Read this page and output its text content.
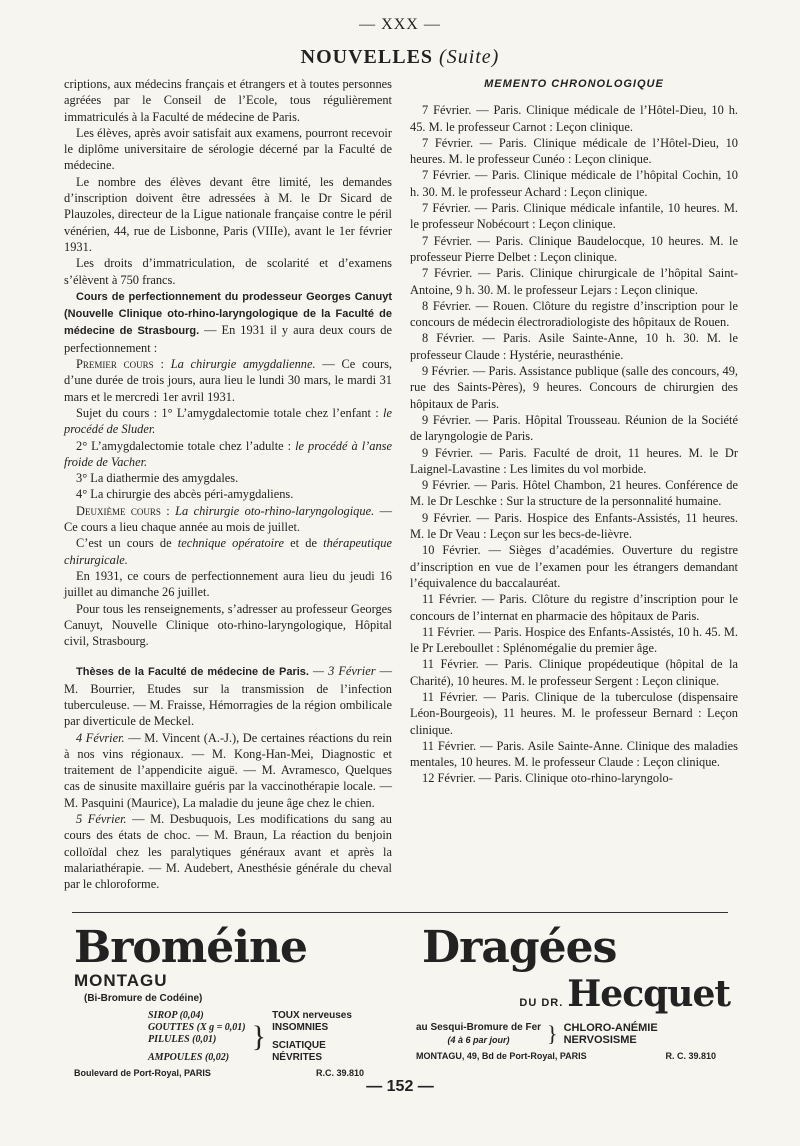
— XXX —
NOUVELLES (Suite)

criptions, aux médecins français et étrangers et à toutes personnes agréées par le Conseil de l’Ecole, tous régulièrement immatriculés à la Faculté de médecine de Paris.

Les élèves, après avoir satisfait aux examens, pourront recevoir le diplôme universitaire de sérologie décerné par la Faculté de médecine.

Le nombre des élèves devant être limité, les demandes d’inscription doivent être adressées à M. le Dr Sicard de Plauzoles, directeur de la Ligue nationale française contre le péril vénérien, 44, rue de Lisbonne, Paris (VIIIe), avant le 1er février 1931.

Les droits d’immatriculation, de scolarité et d’examens s’élèvent à 750 francs.

Cours de perfectionnement du prodesseur Georges Canuyt (Nouvelle Clinique oto-rhino-laryngologique de la Faculté de médecine de Strasbourg. — En 1931 il y aura deux cours de perfectionnement :

Premier cours : La chirurgie amygdalienne. — Ce cours, d’une durée de trois jours, aura lieu le lundi 30 mars, le mardi 31 mars et le mercredi 1er avril 1931.

Sujet du cours : 1° L’amygdalectomie totale chez l’enfant : le procédé de Sluder.

2° L’amygdalectomie totale chez l’adulte : le procédé à l’anse froide de Vacher.

3° La diathermie des amygdales.

4° La chirurgie des abcès péri-amygdaliens.

Deuxième cours : La chirurgie oto-rhino-laryngologique. — Ce cours a lieu chaque année au mois de juillet.

C’est un cours de technique opératoire et de thérapeutique chirurgicale.

En 1931, ce cours de perfectionnement aura lieu du jeudi 16 juillet au dimanche 26 juillet.

Pour tous les renseignements, s’adresser au professeur Georges Canuyt, Nouvelle Clinique oto-rhino-laryngologique, Hôpital civil, Strasbourg.

Thèses de la Faculté de médecine de Paris. — 3 Février — M. Bourrier, Etudes sur la transmission de l’infection tuberculeuse. — M. Fraisse, Hémorragies de la région ombilicale par diverticule de Meckel.

4 Février. — M. Vincent (A.-J.), De certaines réactions du rein à nos vins régionaux. — M. Kong-Han-Mei, Diagnostic et traitement de l’appendicite aiguë. — M. Avramesco, Quelques cas de sinusite maxillaire guéris par la vaccinothérapie locale. — M. Pasquini (Maurice), La maladie du jeune âge chez le chien.

5 Février. — M. Desbuquois, Les modifications du sang au cours des états de choc. — M. Braun, La réaction du benjoin colloïdal chez les paralytiques généraux avant et après la malariathérapie. — M. Audebert, Anesthésie générale du cheval par le chloroforme.

MEMENTO CHRONOLOGIQUE

7 Février. — Paris. Clinique médicale de l’Hôtel-Dieu, 10 h. 45. M. le professeur Carnot : Leçon clinique.

7 Février. — Paris. Clinique médicale de l’Hôtel-Dieu, 10 heures. M. le professeur Cunéo : Leçon clinique.

7 Février. — Paris. Clinique médicale de l’hôpital Cochin, 10 h. 30. M. le professeur Achard : Leçon clinique.

7 Février. — Paris. Clinique médicale infantile, 10 heures. M. le professeur Nobécourt : Leçon clinique.

7 Février. — Paris. Clinique Baudelocque, 10 heures. M. le professeur Pierre Delbet : Leçon clinique.

7 Février. — Paris. Clinique chirurgicale de l’hôpital Saint-Antoine, 9 h. 30. M. le professeur Lejars : Leçon clinique.

8 Février. — Rouen. Clôture du registre d’inscription pour le concours de médecin électroradiologiste des hôpitaux de Rouen.

8 Février. — Paris. Asile Sainte-Anne, 10 h. 30. M. le professeur Claude : Hystérie, neurasthénie.

9 Février. — Paris. Assistance publique (salle des concours, 49, rue des Saints-Pères), 9 heures. Concours de chirurgien des hôpitaux de Paris.

9 Février. — Paris. Hôpital Trousseau. Réunion de la Société de laryngologie de Paris.

9 Février. — Paris. Faculté de droit, 11 heures. M. le Dr Laignel-Lavastine : Les limites du vol morbide.

9 Février. — Paris. Hôtel Chambon, 21 heures. Conférence de M. le Dr Leschke : Sur la structure de la personnalité humaine.

9 Février. — Paris. Hospice des Enfants-Assistés, 11 heures. M. le Dr Veau : Leçon sur les becs-de-lièvre.

10 Février. — Sièges d’académies. Ouverture du registre d’inscription en vue de l’examen pour les étrangers demandant l’équivalence du baccalauréat.

11 Février. — Paris. Clôture du registre d’inscription pour le concours de l’internat en pharmacie des hôpitaux de Paris.

11 Février. — Paris. Hospice des Enfants-Assistés, 10 h. 45. M. le Pr Lereboullet : Splénomégalie du premier âge.

11 Février. — Paris. Clinique propédeutique (hôpital de la Charité), 10 heures. M. le professeur Sergent : Leçon clinique.

11 Février. — Paris. Clinique de la tuberculose (dispensaire Léon-Bourgeois), 11 heures. M. le professeur Bernard : Leçon clinique.

11 Février. — Paris. Asile Sainte-Anne. Clinique des maladies mentales, 10 heures. M. le professeur Claude : Leçon clinique.

12 Février. — Paris. Clinique oto-rhino-laryngolo-

Broméine MONTAGU
(Bi-Bromure de Codéine)
SIROP (0,04)
GOUTTES (X g = 0,01)
PILULES (0,01)
AMPOULES (0,02)
}
TOUX nerveuses
INSOMNIES
SCIATIQUE
NÉVRITES
Boulevard de Port-Royal, PARIS	R.C. 39.810
Dragées
DU DR. Hecquet
au Sesqui-Bromure de Fer
(4 à 6 par jour)	} CHLORO-ANÉMIE
NERVOSISME
MONTAGU, 49, Bd de Port-Royal, PARIS	R. C. 39.810
— 152 —
